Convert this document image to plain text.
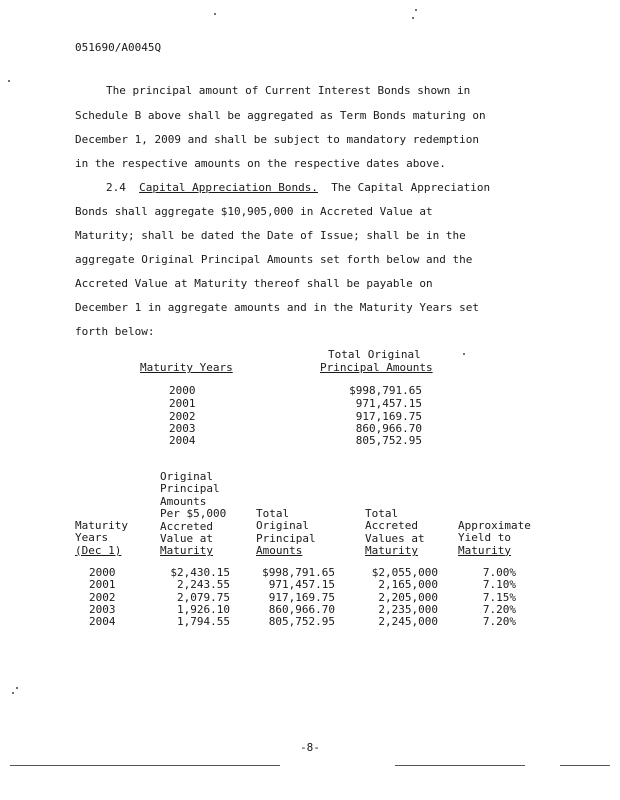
051690/A0045Q
The principal amount of Current Interest Bonds shown in
Schedule B above shall be aggregated as Term Bonds maturing on
December 1, 2009 and shall be subject to mandatory redemption
in the respective amounts on the respective dates above.
2.4 Capital Appreciation Bonds. The Capital Appreciation
Bonds shall aggregate $10,905,000 in Accreted Value at
Maturity; shall be dated the Date of Issue; shall be in the
aggregate Original Principal Amounts set forth below and the
Accreted Value at Maturity thereof shall be payable on
December 1 in aggregate amounts and in the Maturity Years set
forth below:
Total Original
Maturity Years	Principal Amounts
2000
2001
2002
2003
2004
$998,791.65
971,457.15
917,169.75
860,966.70
805,752.95
Original
Principal
Amounts
Per $5,000
Accreted
Value at
Maturity
Maturity
Years
(Dec 1)
Total
Original
Principal
Amounts
Total
Accreted
Values at
Maturity
Approximate
Yield to
Maturity
2000
2001
2002
2003
2004
$2,430.15
2,243.55
2,079.75
1,926.10
1,794.55
$998,791.65
971,457.15
917,169.75
860,966.70
805,752.95
$2,055,000
2,165,000
2,205,000
2,235,000
2,245,000
7.00%
7.10%
7.15%
7.20%
7.20%
-8-
